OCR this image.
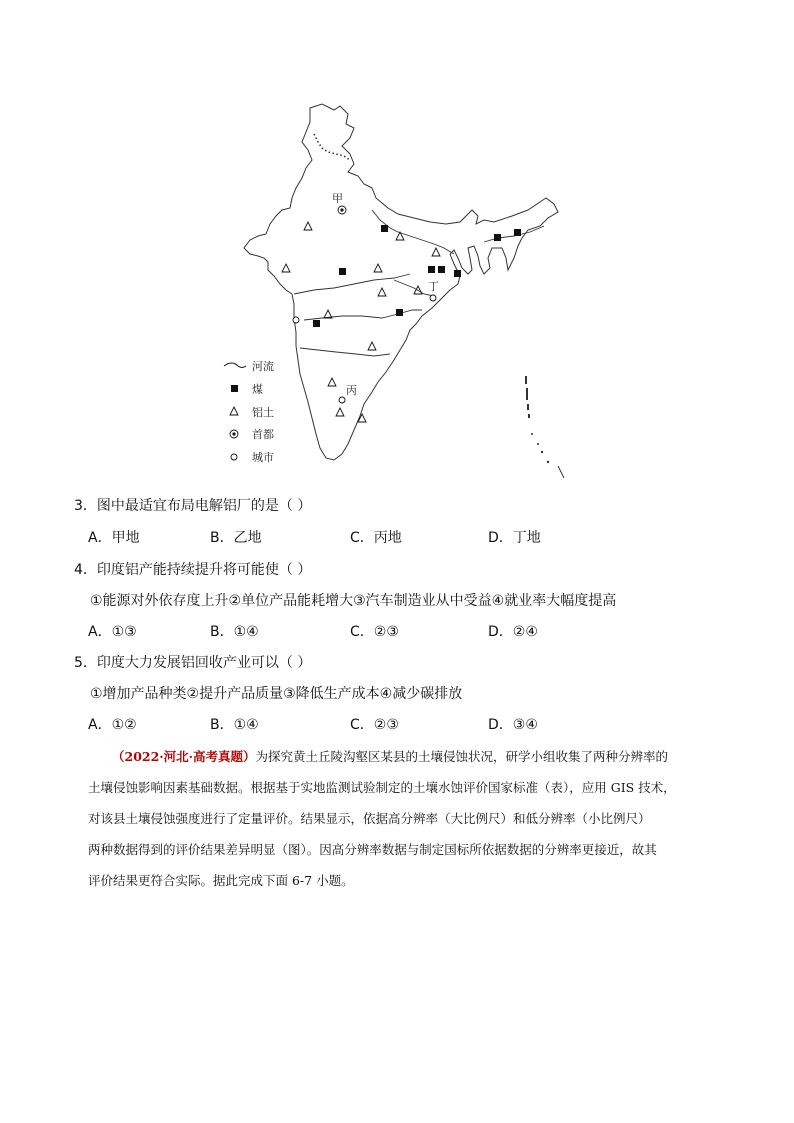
甲
丁
丙
河流
煤
铝土
首都
城市
3．图中最适宜布局电解铝厂的是（ ）
A．甲地	B．乙地	C．丙地	D．丁地
4．印度铝产能持续提升将可能使（ ）
①能源对外依存度上升②单位产品能耗增大③汽车制造业从中受益④就业率大幅度提高
A．①③	B．①④	C．②③	D．②④
5．印度大力发展铝回收产业可以（ ）
①增加产品种类②提升产品质量③降低生产成本④减少碳排放
A．①②	B．①④	C．②③	D．③④
（2022·河北·高考真题）为探究黄土丘陵沟壑区某县的土壤侵蚀状况，研学小组收集了两种分辨率的
土壤侵蚀影响因素基础数据。根据基于实地监测试验制定的土壤水蚀评价国家标准（表），应用 GIS 技术，
对该县土壤侵蚀强度进行了定量评价。结果显示，依据高分辨率（大比例尺）和低分辨率（小比例尺）
两种数据得到的评价结果差异明显（图）。因高分辨率数据与制定国标所依据数据的分辨率更接近，故其
评价结果更符合实际。据此完成下面 6-7 小题。
